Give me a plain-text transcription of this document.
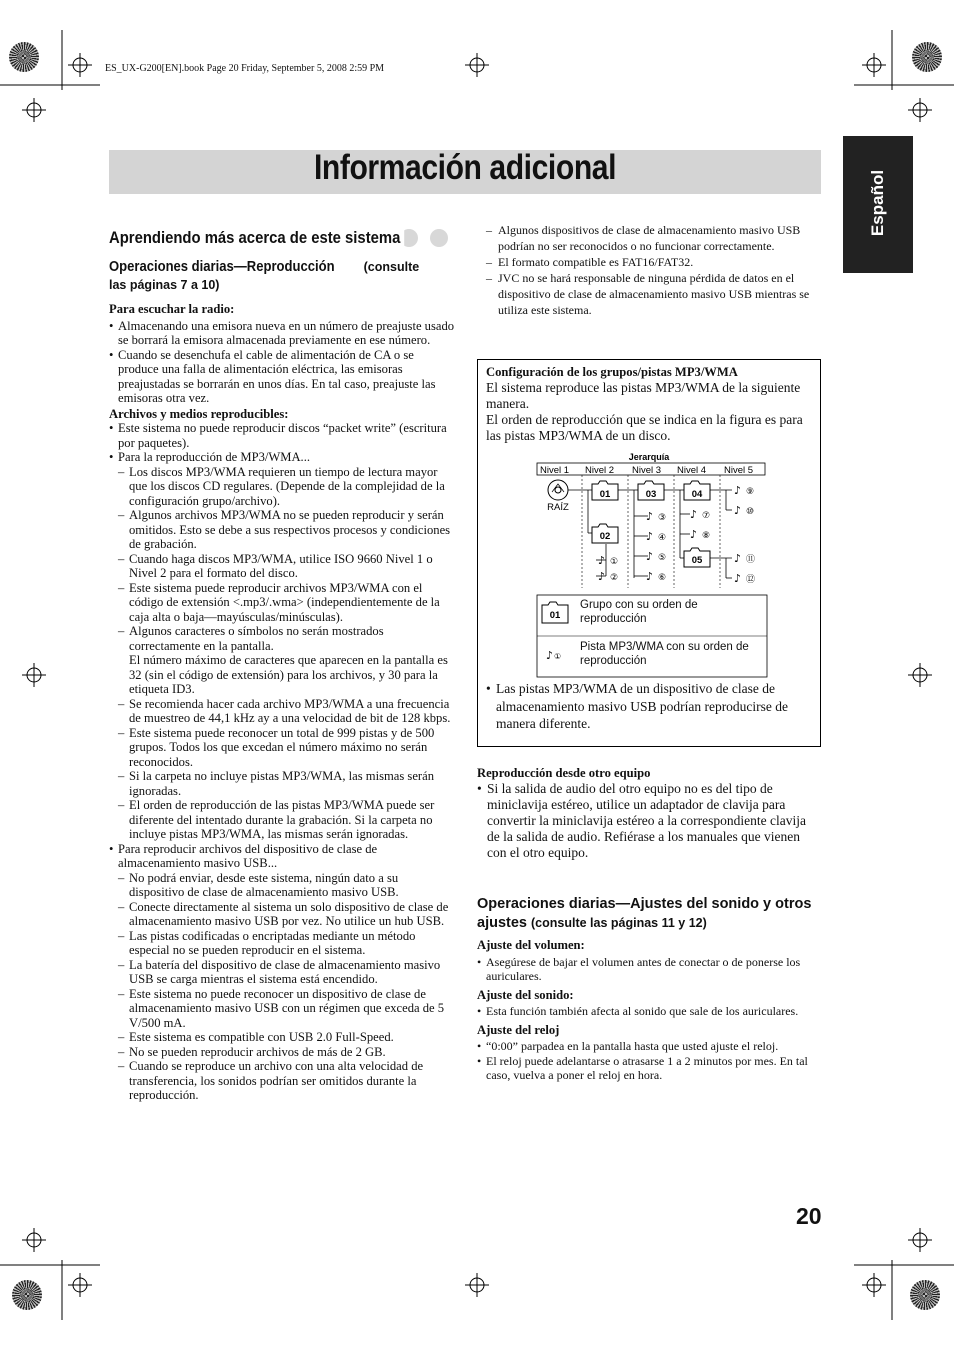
ES_UX-G200[EN].book Page 20 Friday, September 5, 2008 2:59 PM
Información adicional
Español
Aprendiendo más acerca de este sistema
Operaciones diarias—Reproducción (consulte
las páginas 7 a 10)
Para escuchar la radio:
• Almacenando una emisora nueva en un número de preajuste usado se borrará la emisora almacenada previamente en ese número.
• Cuando se desenchufa el cable de alimentación de CA o se produce una falla de alimentación eléctrica, las emisoras preajustadas se borrarán en unos días. En tal caso, preajuste las emisoras otra vez.
Archivos y medios reproducibles:
• Este sistema no puede reproducir discos “packet write” (escritura por paquetes).
• Para la reproducción de MP3/WMA...
– Los discos MP3/WMA requieren un tiempo de lectura mayor que los discos CD regulares. (Depende de la complejidad de la configuración grupo/archivo).
– Algunos archivos MP3/WMA no se pueden reproducir y serán omitidos. Esto se debe a sus respectivos procesos y condiciones de grabación.
– Cuando haga discos MP3/WMA, utilice ISO 9660 Nivel 1 o Nivel 2 para el formato del disco.
– Este sistema puede reproducir archivos MP3/WMA con el código de extensión <.mp3/.wma> (independientemente de la caja alta o baja—mayúsculas/minúsculas).
– Algunos caracteres o símbolos no serán mostrados correctamente en la pantalla.
El número máximo de caracteres que aparecen en la pantalla es 32 (sin el código de extensión) para los archivos, y 30 para la etiqueta ID3.
– Se recomienda hacer cada archivo MP3/WMA a una frecuencia de muestreo de 44,1 kHz ay a una velocidad de bit de 128 kbps.
– Este sistema puede reconocer un total de 999 pistas y de 500 grupos. Todos los que excedan el número máximo no serán reconocidos.
– Si la carpeta no incluye pistas MP3/WMA, las mismas serán ignoradas.
– El orden de reproducción de las pistas MP3/WMA puede ser diferente del intentado durante la grabación. Si la carpeta no incluye pistas MP3/WMA, las mismas serán ignoradas.
• Para reproducir archivos del dispositivo de clase de almacenamiento masivo USB...
– No podrá enviar, desde este sistema, ningún dato a su dispositivo de clase de almacenamiento masivo USB.
– Conecte directamente al sistema un solo dispositivo de clase de almacenamiento masivo USB por vez. No utilice un hub USB.
– Las pistas codificadas o encriptadas mediante un método especial no se pueden reproducir en el sistema.
– La batería del dispositivo de clase de almacenamiento masivo USB se carga mientras el sistema está encendido.
– Este sistema no puede reconocer un dispositivo de clase de almacenamiento masivo USB con un régimen que exceda de 5 V/500 mA.
– Este sistema es compatible con USB 2.0 Full-Speed.
– No se pueden reproducir archivos de más de 2 GB.
– Cuando se reproduce un archivo con una alta velocidad de transferencia, los sonidos podrían ser omitidos durante la reproducción.
– Algunos dispositivos de clase de almacenamiento masivo USB podrían no ser reconocidos o no funcionar correctamente.
– El formato compatible es FAT16/FAT32.
– JVC no se hará responsable de ninguna pérdida de datos en el dispositivo de clase de almacenamiento masivo USB mientras se utiliza este sistema.
Configuración de los grupos/pistas MP3/WMA
El sistema reproduce las pistas MP3/WMA de la siguiente manera.
El orden de reproducción que se indica en la figura es para las pistas MP3/WMA de un disco.
Jerarquía
Nivel 1 Nivel 2 Nivel 3 Nivel 4 Nivel 5
RAÍZ
01
02
03	04
05
♪ ①
♪ ②
♪ ③
♪ ④
♪ ⑤
♪ ⑥
♪ ⑦
♪ ⑧
♪ ⑨
♪ ⑩
♪ ⑪
♪ ⑫
01
♪ ①
Grupo con su orden de reproducción
Pista MP3/WMA con su orden de reproducción
• Las pistas MP3/WMA de un dispositivo de clase de almacenamiento masivo USB podrían reproducirse de manera diferente.
Reproducción desde otro equipo
• Si la salida de audio del otro equipo no es del tipo de miniclavija estéreo, utilice un adaptador de clavija para convertir la miniclavija estéreo a la correspondiente clavija de la salida de audio. Refiérase a los manuales que vienen con el otro equipo.
Operaciones diarias—Ajustes del sonido y otros ajustes (consulte las páginas 11 y 12)
Ajuste del volumen:
• Asegúrese de bajar el volumen antes de conectar o de ponerse los auriculares.
Ajuste del sonido:
• Esta función también afecta al sonido que sale de los auriculares.
Ajuste del reloj
• “0:00” parpadea en la pantalla hasta que usted ajuste el reloj.
• El reloj puede adelantarse o atrasarse 1 a 2 minutos por mes. En tal caso, vuelva a poner el reloj en hora.
20
